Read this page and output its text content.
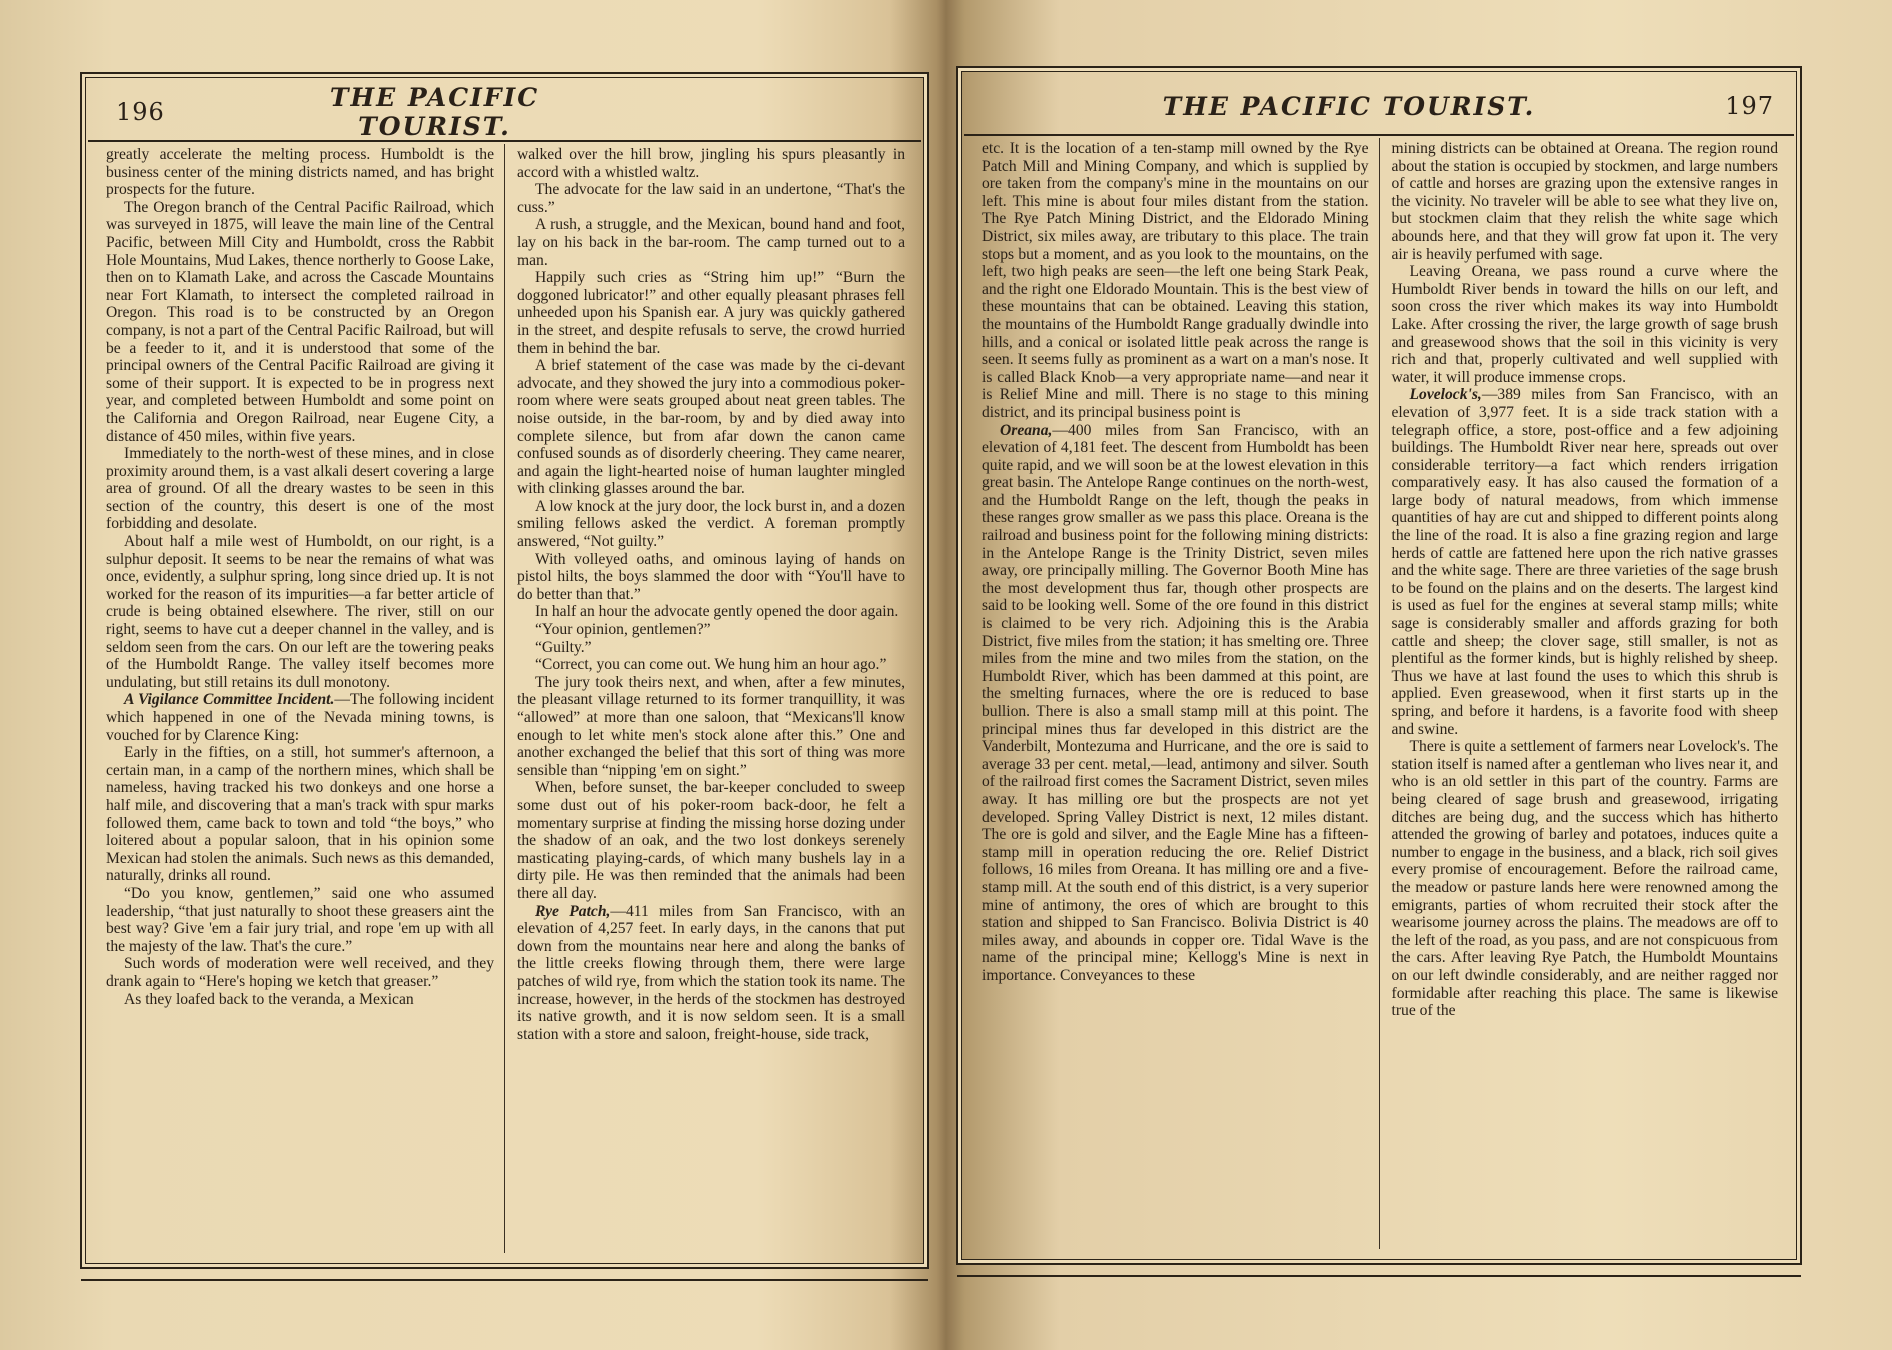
196	THE PACIFIC TOURIST.

greatly accelerate the melting process. Humboldt is the business center of the mining districts named, and has bright prospects for the future.

The Oregon branch of the Central Pacific Railroad, which was surveyed in 1875, will leave the main line of the Central Pacific, between Mill City and Humboldt, cross the Rabbit Hole Mountains, Mud Lakes, thence northerly to Goose Lake, then on to Klamath Lake, and across the Cascade Mountains near Fort Klamath, to intersect the completed railroad in Oregon. This road is to be constructed by an Oregon company, is not a part of the Central Pacific Railroad, but will be a feeder to it, and it is understood that some of the principal owners of the Central Pacific Railroad are giving it some of their support. It is expected to be in progress next year, and completed between Humboldt and some point on the California and Oregon Railroad, near Eugene City, a distance of 450 miles, within five years.

Immediately to the north-west of these mines, and in close proximity around them, is a vast alkali desert covering a large area of ground. Of all the dreary wastes to be seen in this section of the country, this desert is one of the most forbidding and desolate.

About half a mile west of Humboldt, on our right, is a sulphur deposit. It seems to be near the remains of what was once, evidently, a sulphur spring, long since dried up. It is not worked for the reason of its impurities—a far better article of crude is being obtained elsewhere. The river, still on our right, seems to have cut a deeper channel in the valley, and is seldom seen from the cars. On our left are the towering peaks of the Humboldt Range. The valley itself becomes more undulating, but still retains its dull monotony.

A Vigilance Committee Incident.—The following incident which happened in one of the Nevada mining towns, is vouched for by Clarence King:

Early in the fifties, on a still, hot summer's afternoon, a certain man, in a camp of the northern mines, which shall be nameless, having tracked his two donkeys and one horse a half mile, and discovering that a man's track with spur marks followed them, came back to town and told “the boys,” who loitered about a popular saloon, that in his opinion some Mexican had stolen the animals. Such news as this demanded, naturally, drinks all round.

“Do you know, gentlemen,” said one who assumed leadership, “that just naturally to shoot these greasers aint the best way? Give 'em a fair jury trial, and rope 'em up with all the majesty of the law. That's the cure.”

Such words of moderation were well received, and they drank again to “Here's hoping we ketch that greaser.”

As they loafed back to the veranda, a Mexican

walked over the hill brow, jingling his spurs pleasantly in accord with a whistled waltz.

The advocate for the law said in an undertone, “That's the cuss.”

A rush, a struggle, and the Mexican, bound hand and foot, lay on his back in the bar-room. The camp turned out to a man.

Happily such cries as “String him up!” “Burn the doggoned lubricator!” and other equally pleasant phrases fell unheeded upon his Spanish ear. A jury was quickly gathered in the street, and despite refusals to serve, the crowd hurried them in behind the bar.

A brief statement of the case was made by the ci-devant advocate, and they showed the jury into a commodious poker-room where were seats grouped about neat green tables. The noise outside, in the bar-room, by and by died away into complete silence, but from afar down the canon came confused sounds as of disorderly cheering. They came nearer, and again the light-hearted noise of human laughter mingled with clinking glasses around the bar.

A low knock at the jury door, the lock burst in, and a dozen smiling fellows asked the verdict. A foreman promptly answered, “Not guilty.”

With volleyed oaths, and ominous laying of hands on pistol hilts, the boys slammed the door with “You'll have to do better than that.”

In half an hour the advocate gently opened the door again.

“Your opinion, gentlemen?”

“Guilty.”

“Correct, you can come out. We hung him an hour ago.”

The jury took theirs next, and when, after a few minutes, the pleasant village returned to its former tranquillity, it was “allowed” at more than one saloon, that “Mexicans'll know enough to let white men's stock alone after this.” One and another exchanged the belief that this sort of thing was more sensible than “nipping 'em on sight.”

When, before sunset, the bar-keeper concluded to sweep some dust out of his poker-room back-door, he felt a momentary surprise at finding the missing horse dozing under the shadow of an oak, and the two lost donkeys serenely masticating playing-cards, of which many bushels lay in a dirty pile. He was then reminded that the animals had been there all day.

Rye Patch,—411 miles from San Francisco, with an elevation of 4,257 feet. In early days, in the canons that put down from the mountains near here and along the banks of the little creeks flowing through them, there were large patches of wild rye, from which the station took its name. The increase, however, in the herds of the stockmen has destroyed its native growth, and it is now seldom seen. It is a small station with a store and saloon, freight-house, side track,

THE PACIFIC TOURIST.	197

etc. It is the location of a ten-stamp mill owned by the Rye Patch Mill and Mining Company, and which is supplied by ore taken from the company's mine in the mountains on our left. This mine is about four miles distant from the station. The Rye Patch Mining District, and the Eldorado Mining District, six miles away, are tributary to this place. The train stops but a moment, and as you look to the mountains, on the left, two high peaks are seen—the left one being Stark Peak, and the right one Eldorado Mountain. This is the best view of these mountains that can be obtained. Leaving this station, the mountains of the Humboldt Range gradually dwindle into hills, and a conical or isolated little peak across the range is seen. It seems fully as prominent as a wart on a man's nose. It is called Black Knob—a very appropriate name—and near it is Relief Mine and mill. There is no stage to this mining district, and its principal business point is

Oreana,—400 miles from San Francisco, with an elevation of 4,181 feet. The descent from Humboldt has been quite rapid, and we will soon be at the lowest elevation in this great basin. The Antelope Range continues on the north-west, and the Humboldt Range on the left, though the peaks in these ranges grow smaller as we pass this place. Oreana is the railroad and business point for the following mining districts: in the Antelope Range is the Trinity District, seven miles away, ore principally milling. The Governor Booth Mine has the most development thus far, though other prospects are said to be looking well. Some of the ore found in this district is claimed to be very rich. Adjoining this is the Arabia District, five miles from the station; it has smelting ore. Three miles from the mine and two miles from the station, on the Humboldt River, which has been dammed at this point, are the smelting furnaces, where the ore is reduced to base bullion. There is also a small stamp mill at this point. The principal mines thus far developed in this district are the Vanderbilt, Montezuma and Hurricane, and the ore is said to average 33 per cent. metal,—lead, antimony and silver. South of the railroad first comes the Sacrament District, seven miles away. It has milling ore but the prospects are not yet developed. Spring Valley District is next, 12 miles distant. The ore is gold and silver, and the Eagle Mine has a fifteen-stamp mill in operation reducing the ore. Relief District follows, 16 miles from Oreana. It has milling ore and a five-stamp mill. At the south end of this district, is a very superior mine of antimony, the ores of which are brought to this station and shipped to San Francisco. Bolivia District is 40 miles away, and abounds in copper ore. Tidal Wave is the name of the principal mine; Kellogg's Mine is next in importance. Conveyances to these

mining districts can be obtained at Oreana. The region round about the station is occupied by stockmen, and large numbers of cattle and horses are grazing upon the extensive ranges in the vicinity. No traveler will be able to see what they live on, but stockmen claim that they relish the white sage which abounds here, and that they will grow fat upon it. The very air is heavily perfumed with sage.

Leaving Oreana, we pass round a curve where the Humboldt River bends in toward the hills on our left, and soon cross the river which makes its way into Humboldt Lake. After crossing the river, the large growth of sage brush and greasewood shows that the soil in this vicinity is very rich and that, properly cultivated and well supplied with water, it will produce immense crops.

Lovelock's,—389 miles from San Francisco, with an elevation of 3,977 feet. It is a side track station with a telegraph office, a store, post-office and a few adjoining buildings. The Humboldt River near here, spreads out over considerable territory—a fact which renders irrigation comparatively easy. It has also caused the formation of a large body of natural meadows, from which immense quantities of hay are cut and shipped to different points along the line of the road. It is also a fine grazing region and large herds of cattle are fattened here upon the rich native grasses and the white sage. There are three varieties of the sage brush to be found on the plains and on the deserts. The largest kind is used as fuel for the engines at several stamp mills; white sage is considerably smaller and affords grazing for both cattle and sheep; the clover sage, still smaller, is not as plentiful as the former kinds, but is highly relished by sheep. Thus we have at last found the uses to which this shrub is applied. Even greasewood, when it first starts up in the spring, and before it hardens, is a favorite food with sheep and swine.

There is quite a settlement of farmers near Lovelock's. The station itself is named after a gentleman who lives near it, and who is an old settler in this part of the country. Farms are being cleared of sage brush and greasewood, irrigating ditches are being dug, and the success which has hitherto attended the growing of barley and potatoes, induces quite a number to engage in the business, and a black, rich soil gives every promise of encouragement. Before the railroad came, the meadow or pasture lands here were renowned among the emigrants, parties of whom recruited their stock after the wearisome journey across the plains. The meadows are off to the left of the road, as you pass, and are not conspicuous from the cars. After leaving Rye Patch, the Humboldt Mountains on our left dwindle considerably, and are neither ragged nor formidable after reaching this place. The same is likewise true of the
